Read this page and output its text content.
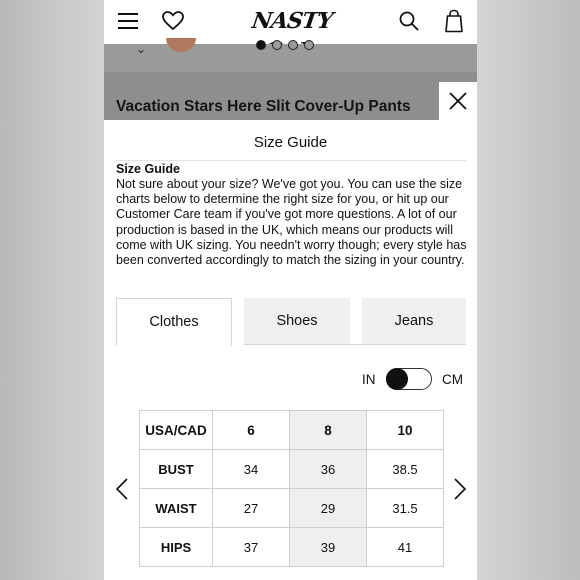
NASTY
⌄
Vacation Stars Here Slit Cover-Up Pants
Size Guide
Size Guide
Not sure about your size? We've got you. You can use the size charts below to determine the right size for you, or hit up our Customer Care team if you've got more questions. A lot of our production is based in the UK, which means our products will come with UK sizing. You needn't worry though; every style has been converted accordingly to match the sizing in your country.
Clothes	Shoes	Jeans
IN	CM
USA/CAD	6	8	10
BUST	34	36	38.5
WAIST	27	29	31.5
HIPS	37	39	41
